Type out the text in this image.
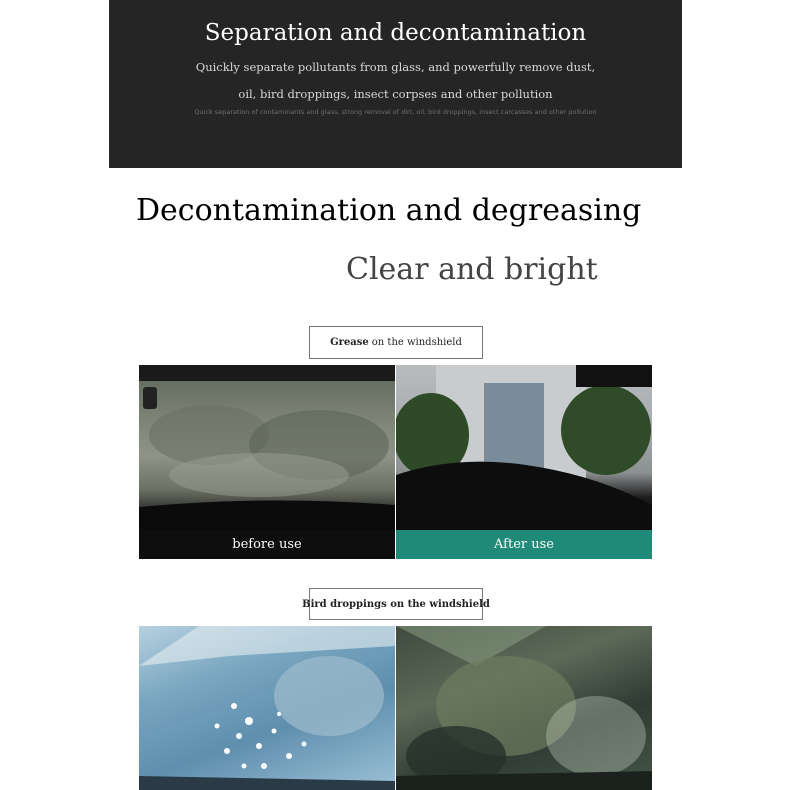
Separation and decontamination
Quickly separate pollutants from glass, and powerfully remove dust,
oil, bird droppings, insect corpses and other pollution
Quick separation of contaminants and glass, strong removal of dirt, oil, bird droppings, insect carcasses and other pollution
Decontamination and degreasing
Clear and bright
Grease on the windshield
before use	After use
Bird droppings on the windshield
